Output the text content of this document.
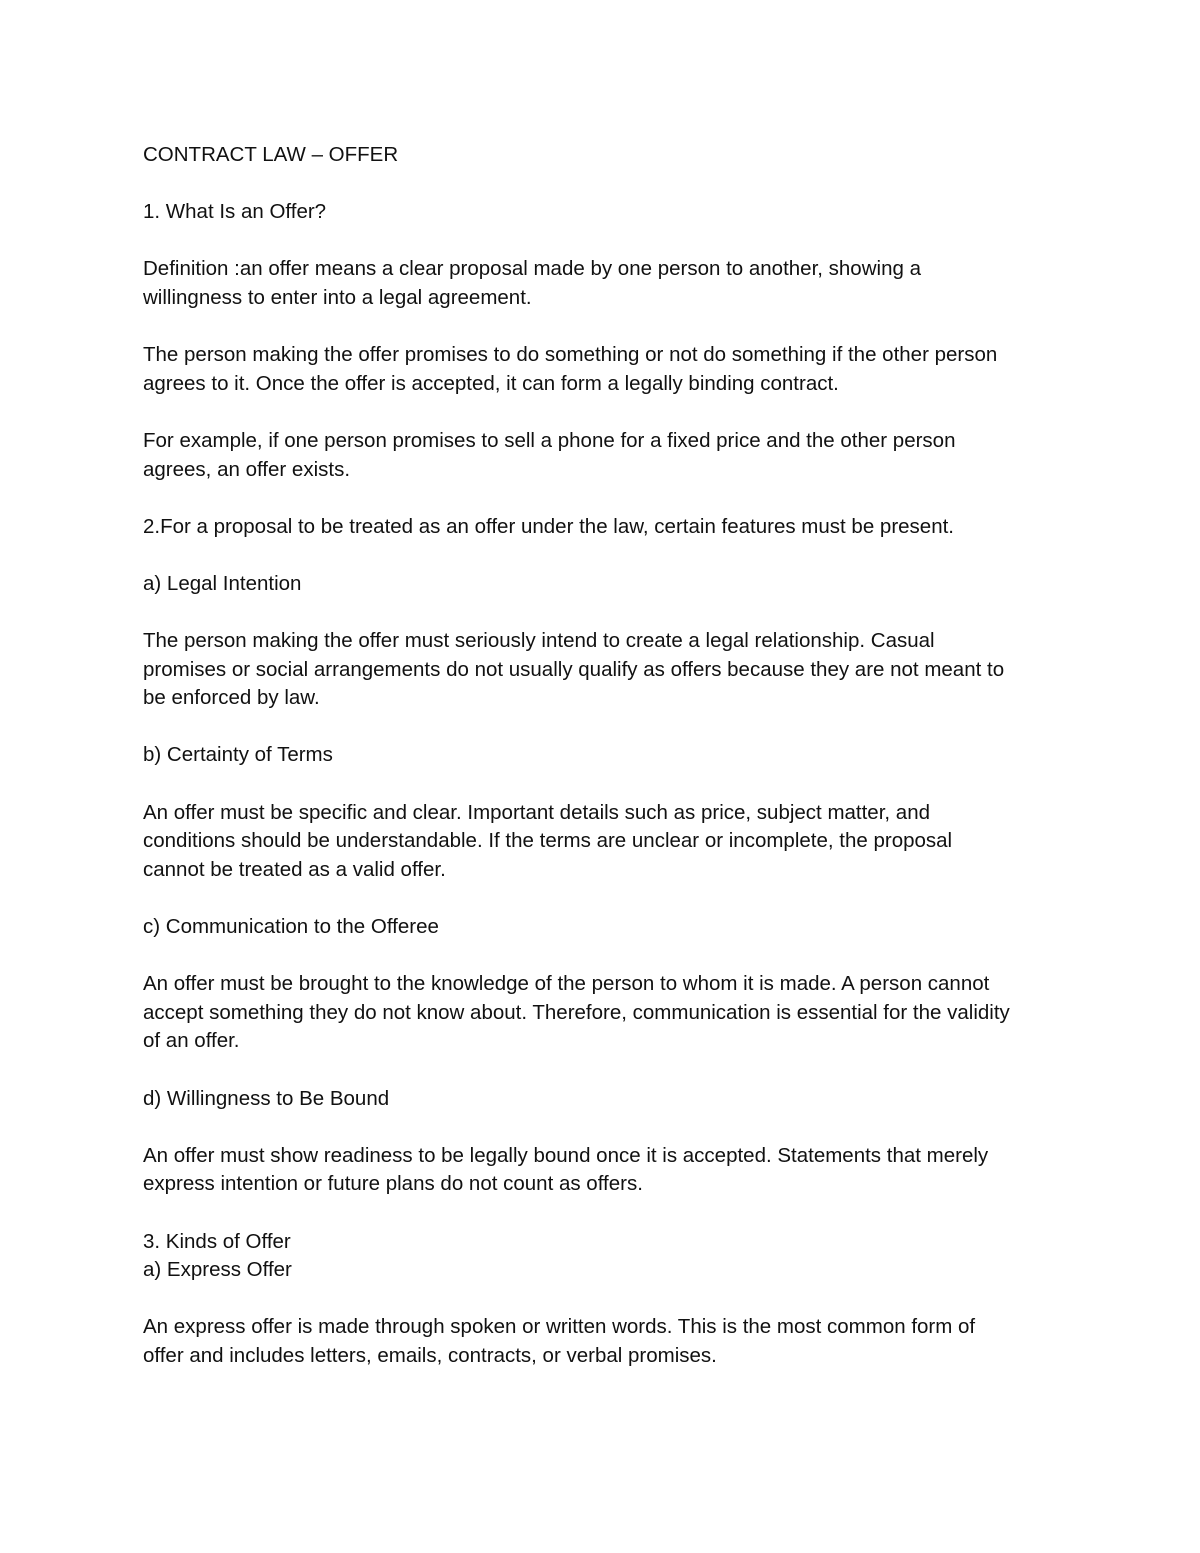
CONTRACT LAW – OFFER

1. What Is an Offer?

Definition :an offer means a clear proposal made by one person to another, showing a
willingness to enter into a legal agreement.

The person making the offer promises to do something or not do something if the other person
agrees to it. Once the offer is accepted, it can form a legally binding contract.

For example, if one person promises to sell a phone for a fixed price and the other person
agrees, an offer exists.

2.For a proposal to be treated as an offer under the law, certain features must be present.

a) Legal Intention

The person making the offer must seriously intend to create a legal relationship. Casual
promises or social arrangements do not usually qualify as offers because they are not meant to
be enforced by law.

b) Certainty of Terms

An offer must be specific and clear. Important details such as price, subject matter, and
conditions should be understandable. If the terms are unclear or incomplete, the proposal
cannot be treated as a valid offer.

c) Communication to the Offeree

An offer must be brought to the knowledge of the person to whom it is made. A person cannot
accept something they do not know about. Therefore, communication is essential for the validity
of an offer.

d) Willingness to Be Bound

An offer must show readiness to be legally bound once it is accepted. Statements that merely
express intention or future plans do not count as offers.

3. Kinds of Offer

a) Express Offer

An express offer is made through spoken or written words. This is the most common form of
offer and includes letters, emails, contracts, or verbal promises.
